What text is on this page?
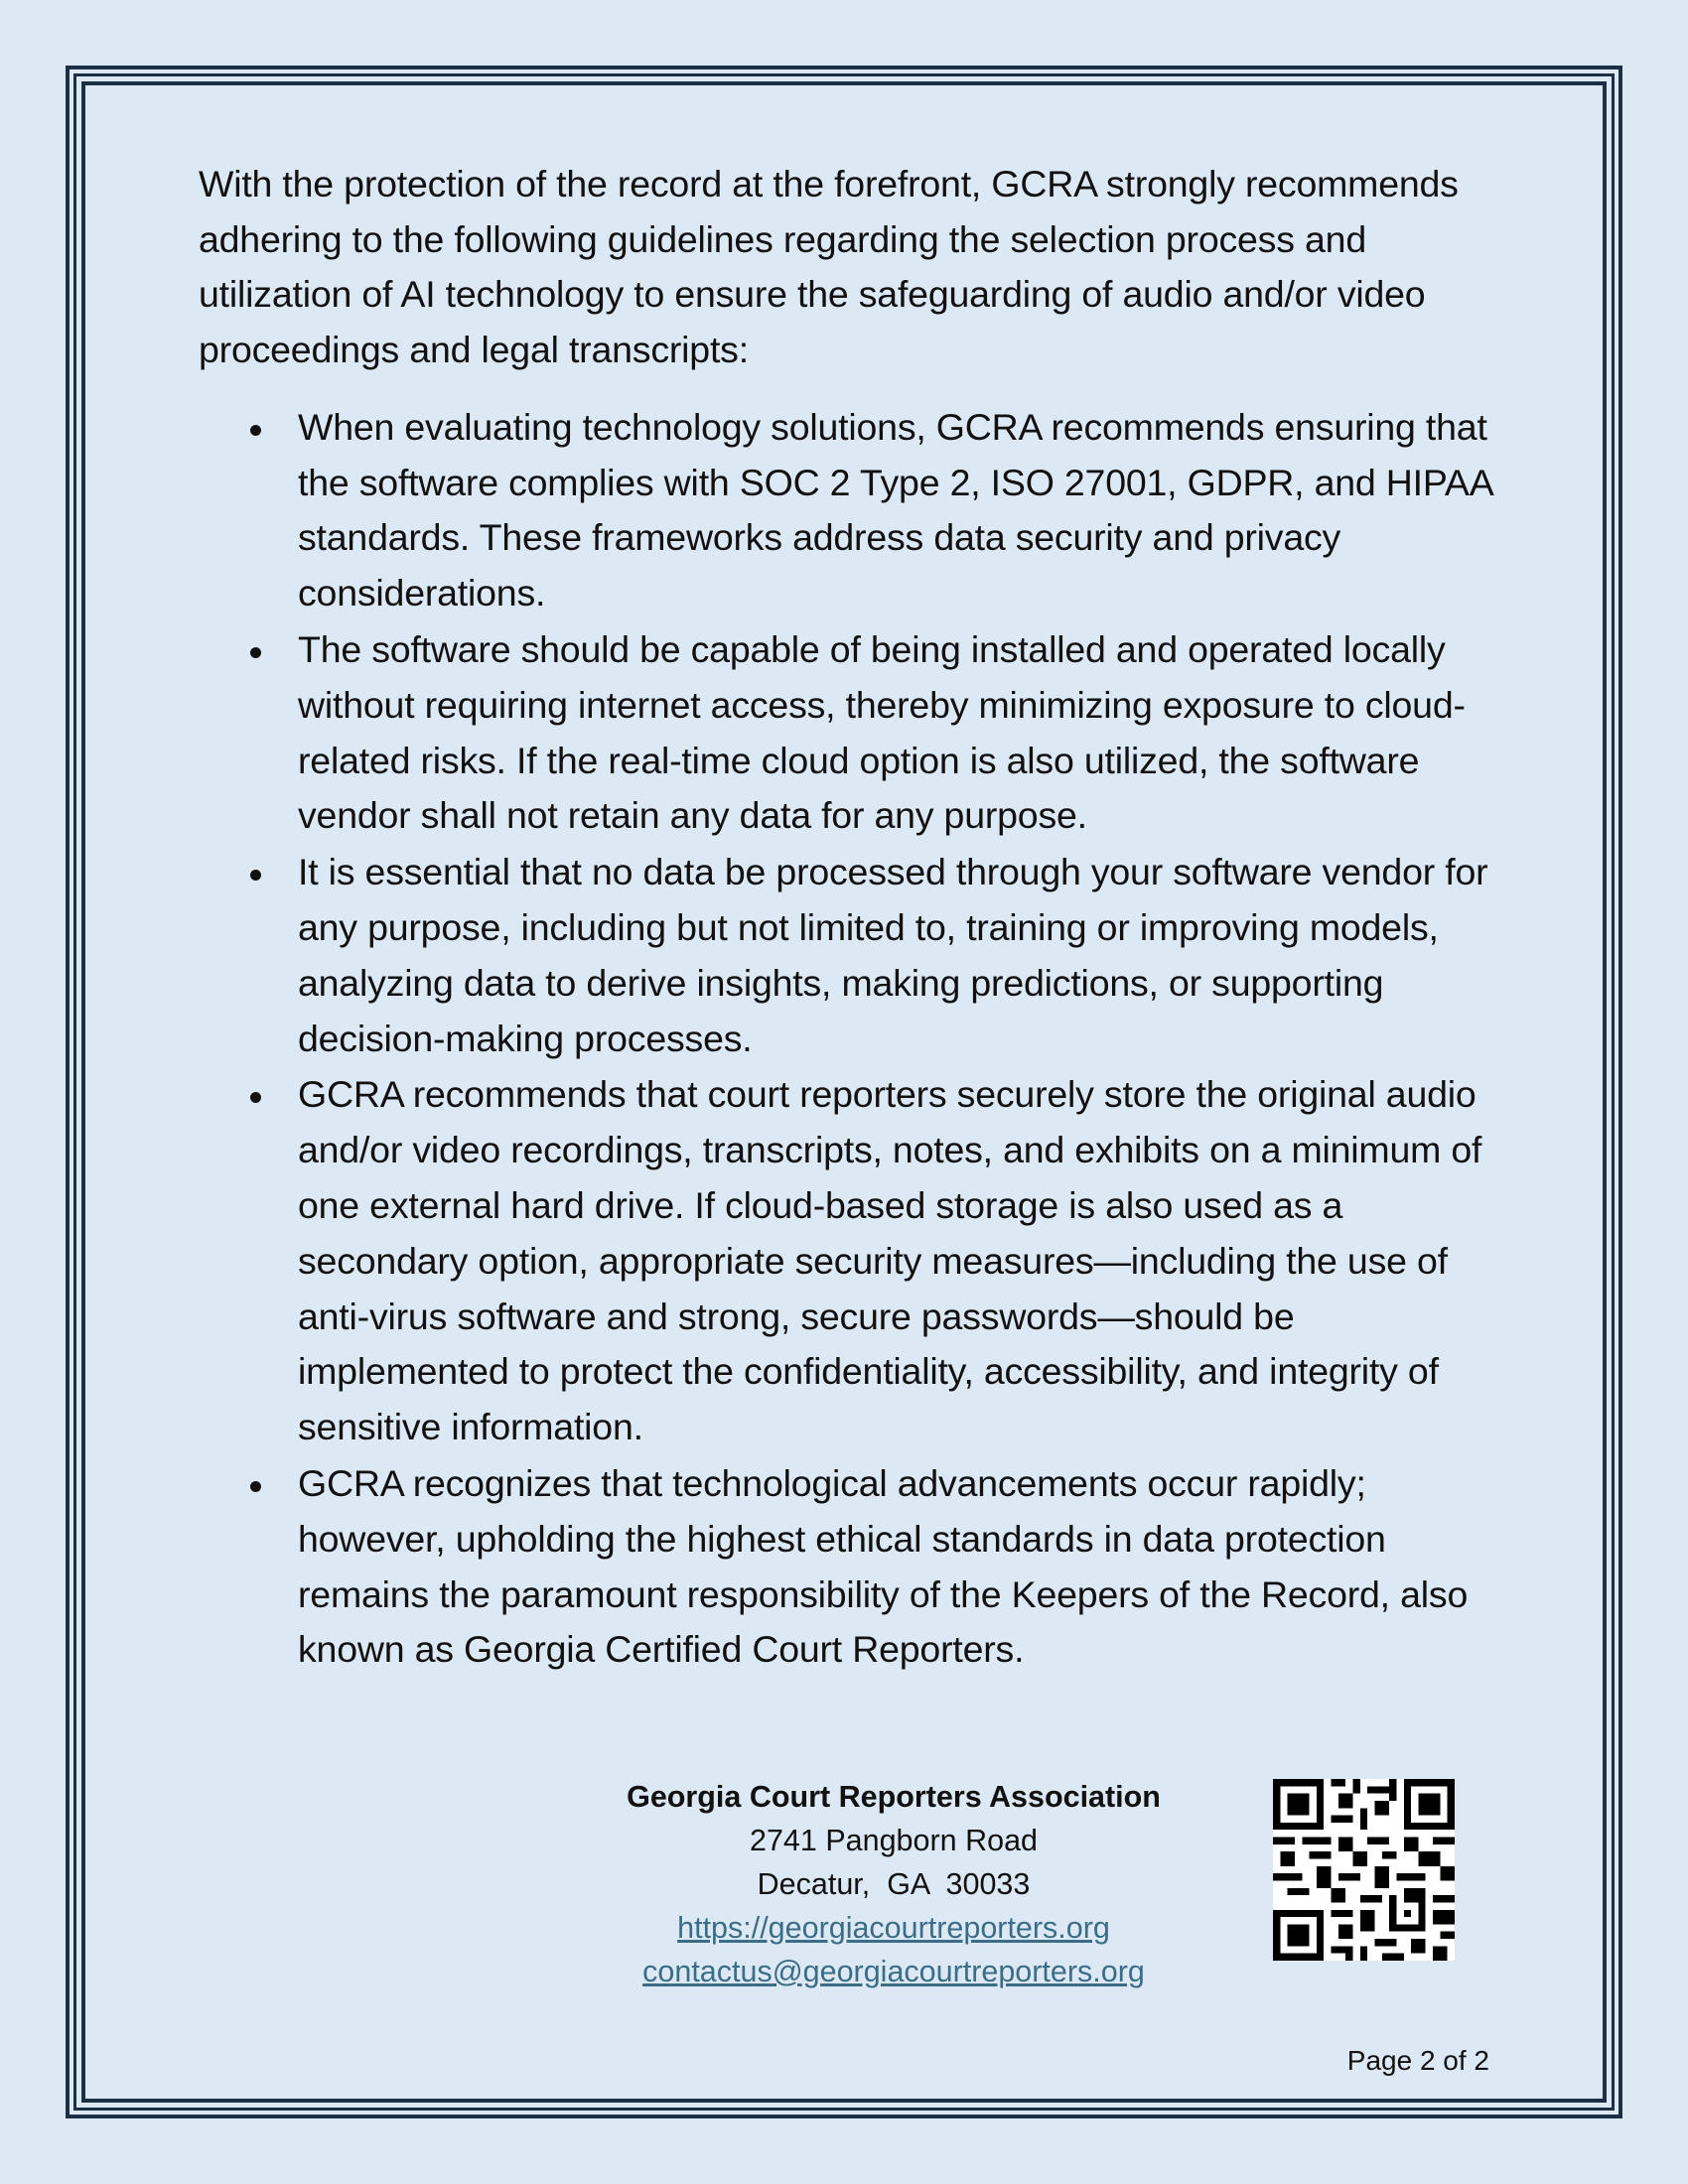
With the protection of the record at the forefront, GCRA strongly recommends adhering to the following guidelines regarding the selection process and utilization of AI technology to ensure the safeguarding of audio and/or video proceedings and legal transcripts:

When evaluating technology solutions, GCRA recommends ensuring that the software complies with SOC 2 Type 2, ISO 27001, GDPR, and HIPAA standards. These frameworks address data security and privacy considerations.
The software should be capable of being installed and operated locally without requiring internet access, thereby minimizing exposure to cloud-related risks. If the real-time cloud option is also utilized, the software vendor shall not retain any data for any purpose.
It is essential that no data be processed through your software vendor for any purpose, including but not limited to, training or improving models, analyzing data to derive insights, making predictions, or supporting decision-making processes.
GCRA recommends that court reporters securely store the original audio and/or video recordings, transcripts, notes, and exhibits on a minimum of one external hard drive. If cloud-based storage is also used as a secondary option, appropriate security measures—including the use of anti-virus software and strong, secure passwords—should be implemented to protect the confidentiality, accessibility, and integrity of sensitive information.
GCRA recognizes that technological advancements occur rapidly; however, upholding the highest ethical standards in data protection remains the paramount responsibility of the Keepers of the Record, also known as Georgia Certified Court Reporters.
Georgia Court Reporters Association
2741 Pangborn Road
Decatur,  GA  30033
https://georgiacourtreporters.org
contactus@georgiacourtreporters.org
Page 2 of 2
